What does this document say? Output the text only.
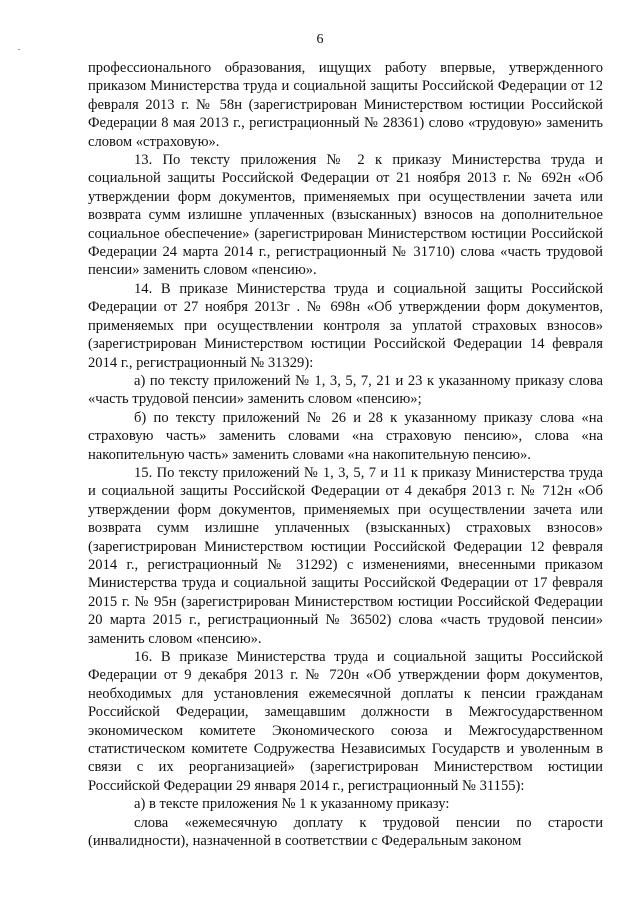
6

профессионального образования, ищущих работу впервые, утвержденного приказом Министерства труда и социальной защиты Российской Федерации от 12 февраля 2013 г. № 58н (зарегистрирован Министерством юстиции Российской Федерации 8 мая 2013 г., регистрационный № 28361) слово «трудовую» заменить словом «страховую».

13. По тексту приложения № 2 к приказу Министерства труда и социальной защиты Российской Федерации от 21 ноября 2013 г. № 692н «Об утверждении форм документов, применяемых при осуществлении зачета или возврата сумм излишне уплаченных (взысканных) взносов на дополнительное социальное обеспечение» (зарегистрирован Министерством юстиции Российской Федерации 24 марта 2014 г., регистрационный № 31710) слова «часть трудовой пенсии» заменить словом «пенсию».

14. В приказе Министерства труда и социальной защиты Российской Федерации от 27 ноября 2013г . № 698н «Об утверждении форм документов, применяемых при осуществлении контроля за уплатой страховых взносов» (зарегистрирован Министерством юстиции Российской Федерации 14 февраля 2014 г., регистрационный № 31329):

а) по тексту приложений № 1, 3, 5, 7, 21 и 23 к указанному приказу слова «часть трудовой пенсии» заменить словом «пенсию»;

б) по тексту приложений № 26 и 28 к указанному приказу слова «на страховую часть» заменить словами «на страховую пенсию», слова «на накопительную часть» заменить словами «на накопительную пенсию».

15. По тексту приложений № 1, 3, 5, 7 и 11 к приказу Министерства труда и социальной защиты Российской Федерации от 4 декабря 2013 г. № 712н «Об утверждении форм документов, применяемых при осуществлении зачета или возврата сумм излишне уплаченных (взысканных) страховых взносов» (зарегистрирован Министерством юстиции Российской Федерации 12 февраля 2014 г., регистрационный № 31292) с изменениями, внесенными приказом Министерства труда и социальной защиты Российской Федерации от 17 февраля 2015 г. № 95н (зарегистрирован Министерством юстиции Российской Федерации 20 марта 2015 г., регистрационный № 36502) слова «часть трудовой пенсии» заменить словом «пенсию».

16. В приказе Министерства труда и социальной защиты Российской Федерации от 9 декабря 2013 г. № 720н «Об утверждении форм документов, необходимых для установления ежемесячной доплаты к пенсии гражданам Российской Федерации, замещавшим должности в Межгосударственном экономическом комитете Экономического союза и Межгосударственном статистическом комитете Содружества Независимых Государств и уволенным в связи с их реорганизацией» (зарегистрирован Министерством юстиции Российской Федерации 29 января 2014 г., регистрационный № 31155):

а) в тексте приложения № 1 к указанному приказу:

слова «ежемесячную доплату к трудовой пенсии по старости (инвалидности), назначенной в соответствии с Федеральным законом
